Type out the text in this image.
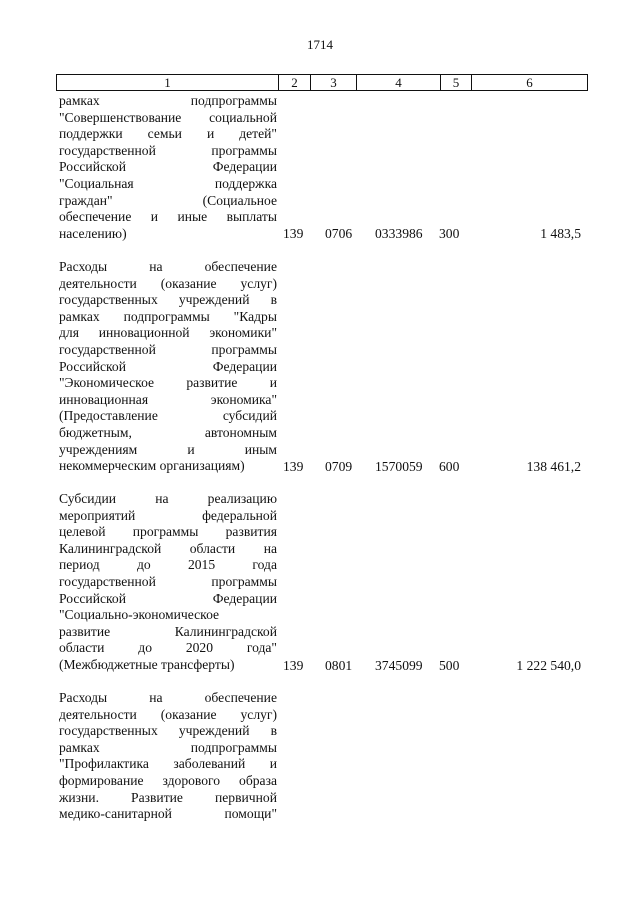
1714
1	2	3	4	5	6
рамках	подпрограммы
"Совершенствование социальной
поддержки семьи и детей"
государственной	программы
Российской	Федерации
"Социальная	поддержка
граждан"	(Социальное
обеспечение и иные выплаты
населению)	139 0706 0333986 300	1 483,5
Расходы	на	обеспечение
деятельности (оказание услуг)
государственных учреждений в
рамках подпрограммы "Кадры
для инновационной экономики"
государственной	программы
Российской	Федерации
"Экономическое развитие и
инновационная	экономика"
(Предоставление	субсидий
бюджетным,	автономным
учреждениям	и	иным
некоммерческим организациям)	139 0709 1570059 600	138 461,2
Субсидии	на	реализацию
мероприятий	федеральной
целевой программы развития
Калининградской области на
период	до	2015	года
государственной	программы
Российской	Федерации
"Социально-экономическое
развитие	Калининградской
области до 2020 года"
(Межбюджетные трансферты)	139 0801 3745099 500	1 222 540,0
Расходы	на	обеспечение
деятельности (оказание услуг)
государственных учреждений в
рамках	подпрограммы
"Профилактика заболеваний и
формирование здорового образа
жизни. Развитие первичной
медико-санитарной	помощи"
